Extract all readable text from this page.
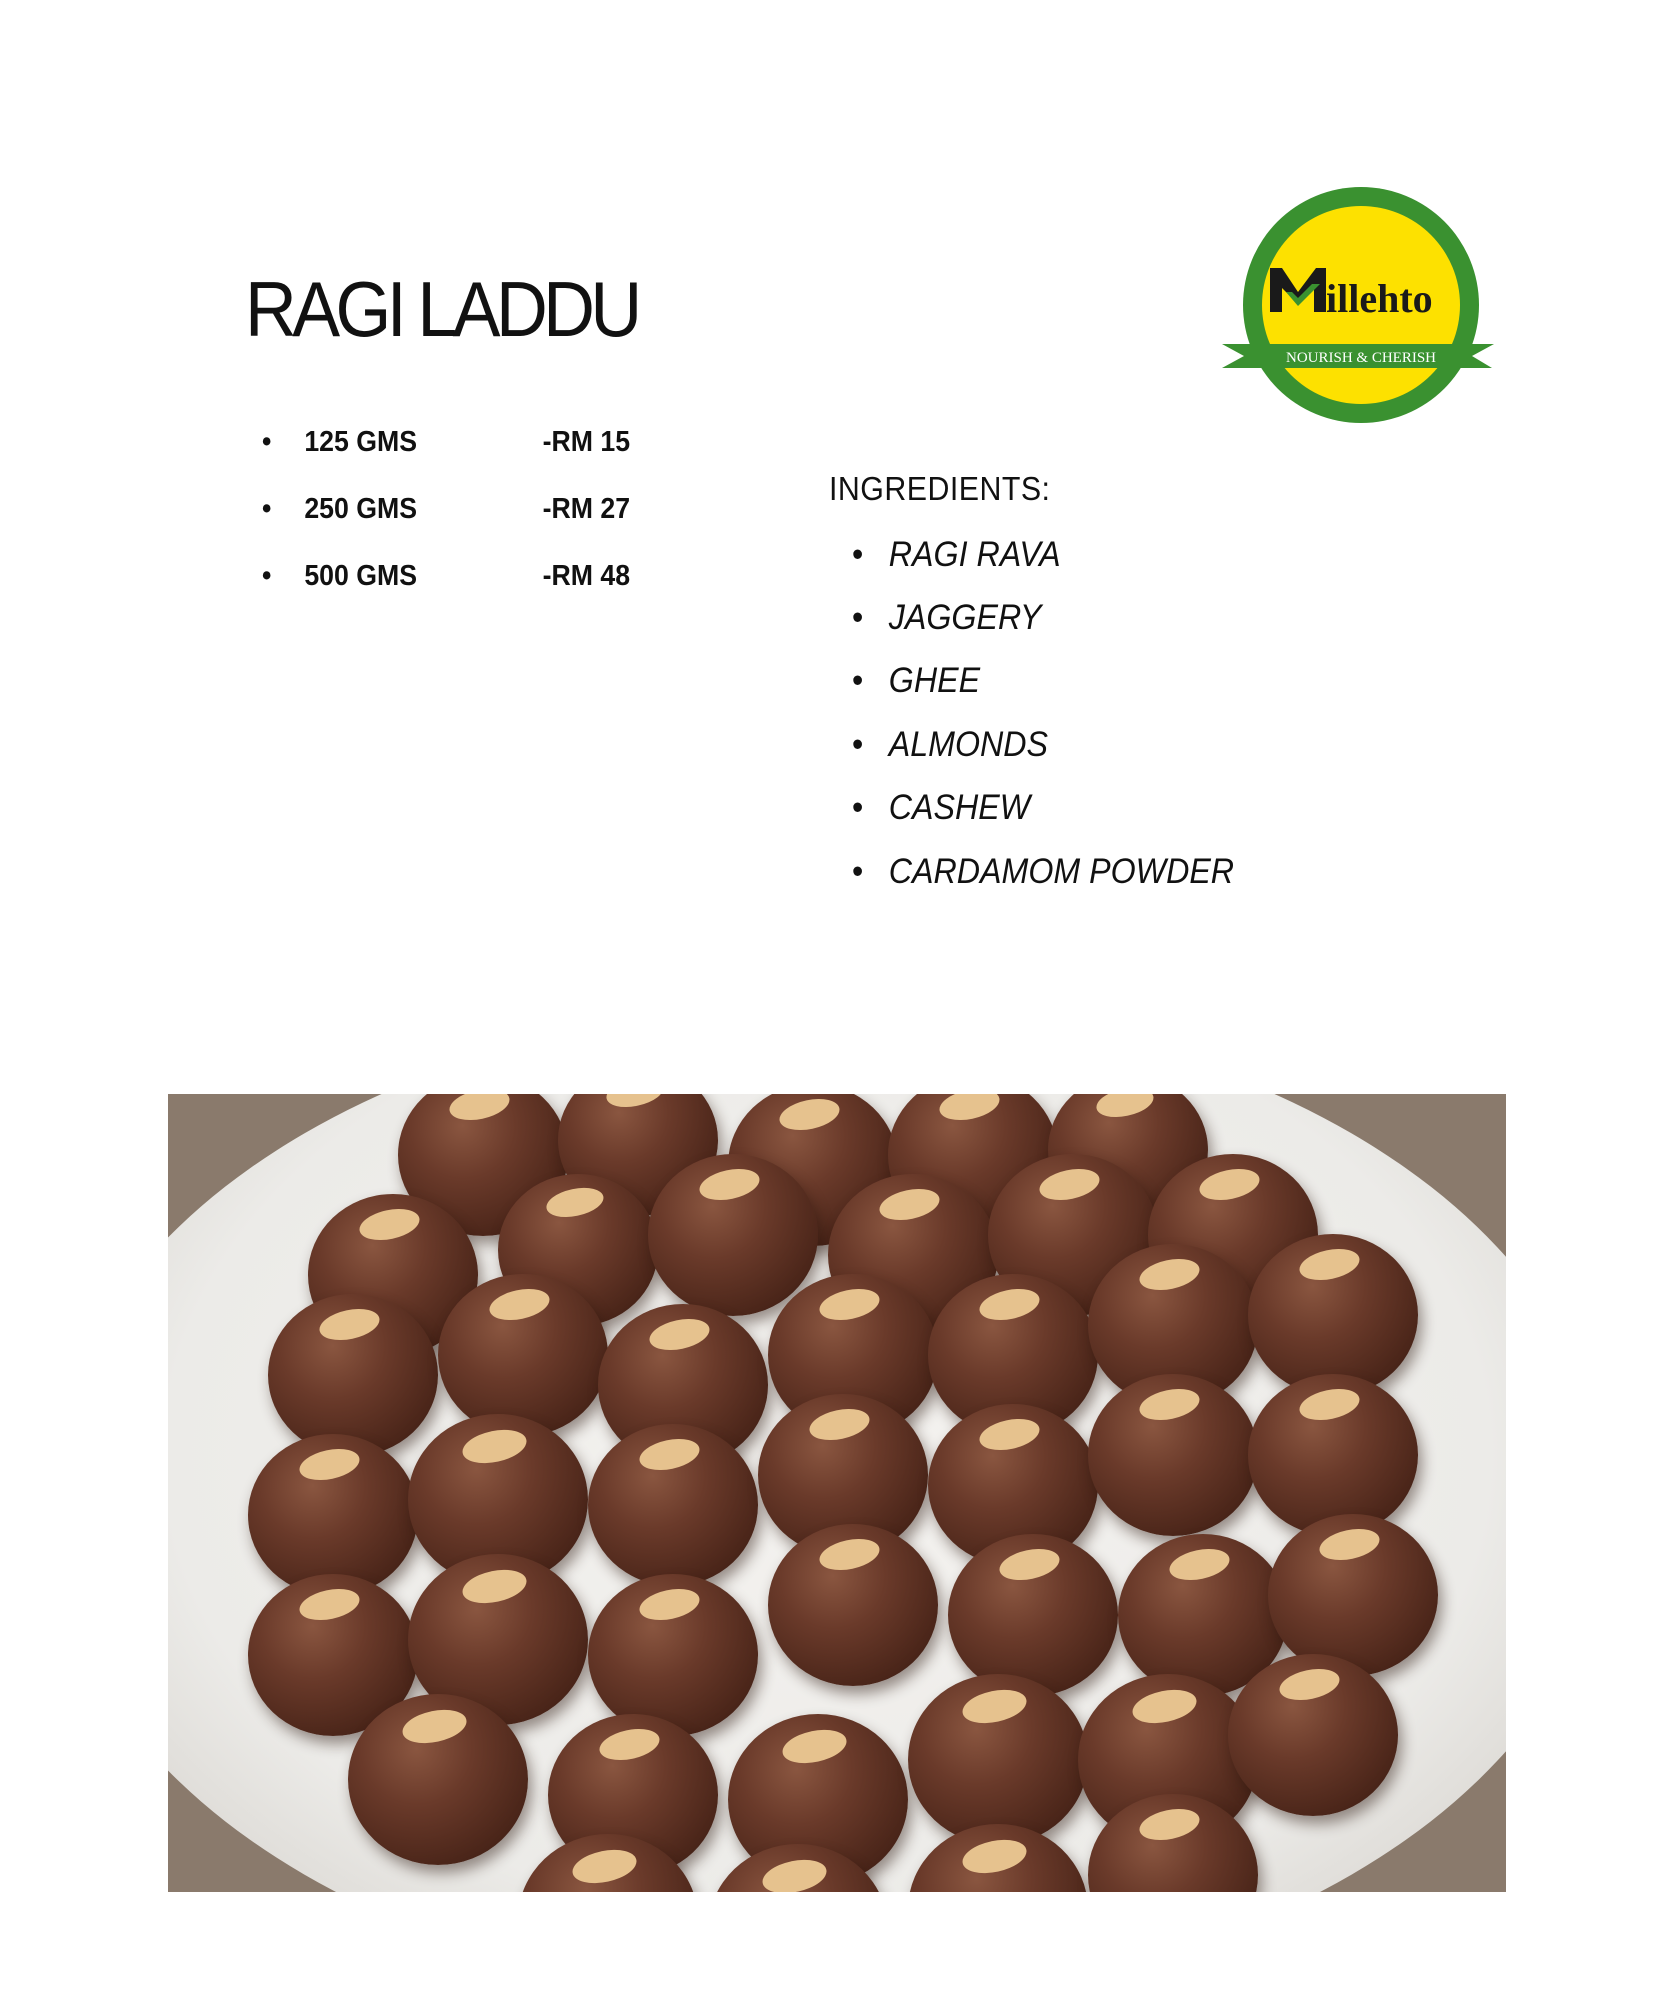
RAGI LADDU
• 125 GMS	-RM 15
• 250 GMS	-RM 27
• 500 GMS	-RM 48
INGREDIENTS:
• RAGI RAVA
• JAGGERY
• GHEE
• ALMONDS
• CASHEW
• CARDAMOM POWDER
illehto
NOURISH & CHERISH
